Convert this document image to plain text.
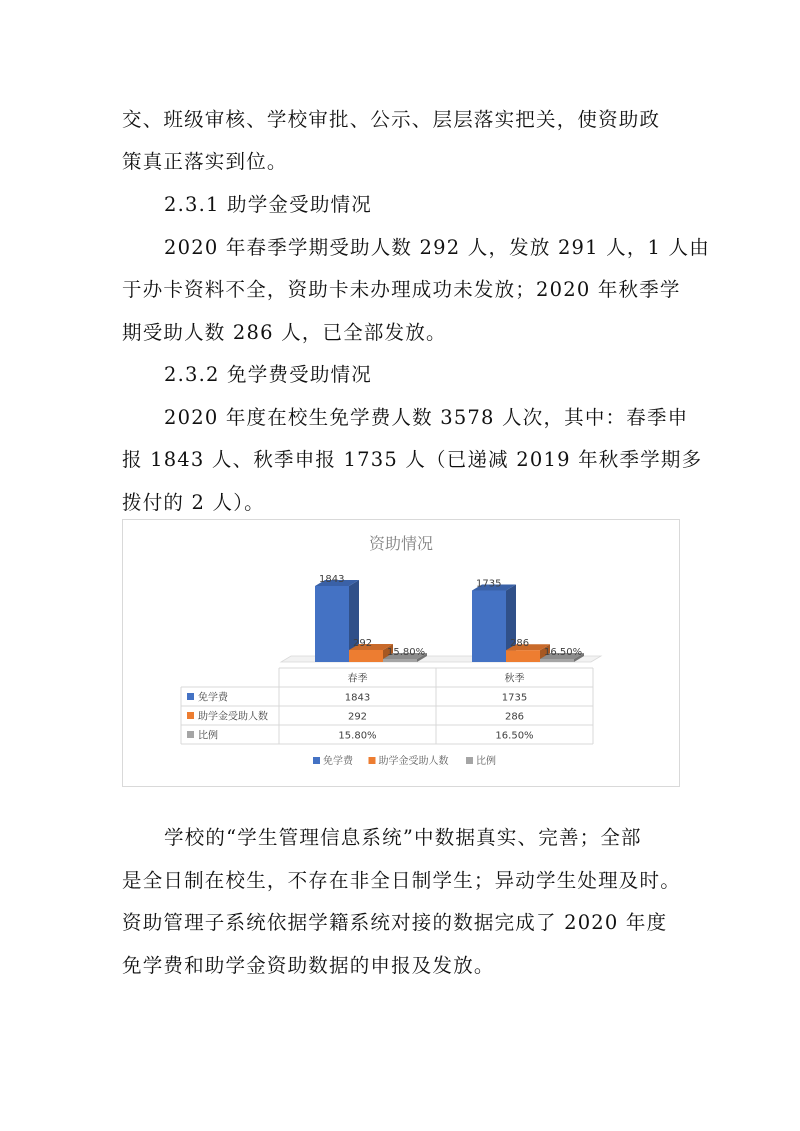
交、班级审核、学校审批、公示、层层落实把关，使资助政
策真正落实到位。
2.3.1 助学金受助情况
2020 年春季学期受助人数 292 人，发放 291 人，1 人由
于办卡资料不全，资助卡未办理成功未发放；2020 年秋季学
期受助人数 286 人，已全部发放。
2.3.2 免学费受助情况
2020 年度在校生免学费人数 3578 人次，其中：春季申
报 1843 人、秋季申报 1735 人（已递减 2019 年秋季学期多
拨付的 2 人）。
学校的“学生管理信息系统”中数据真实、完善；全部
是全日制在校生，不存在非全日制学生；异动学生处理及时。
资助管理子系统依据学籍系统对接的数据完成了 2020 年度
免学费和助学金资助数据的申报及发放。
资助情况
1843
292
15.80%
1735
286
16.50%
春季	秋季
免学费	1843	1735
助学金受助人数	292	286
比例	15.80%	16.50%
免学费	助学金受助人数	比例
